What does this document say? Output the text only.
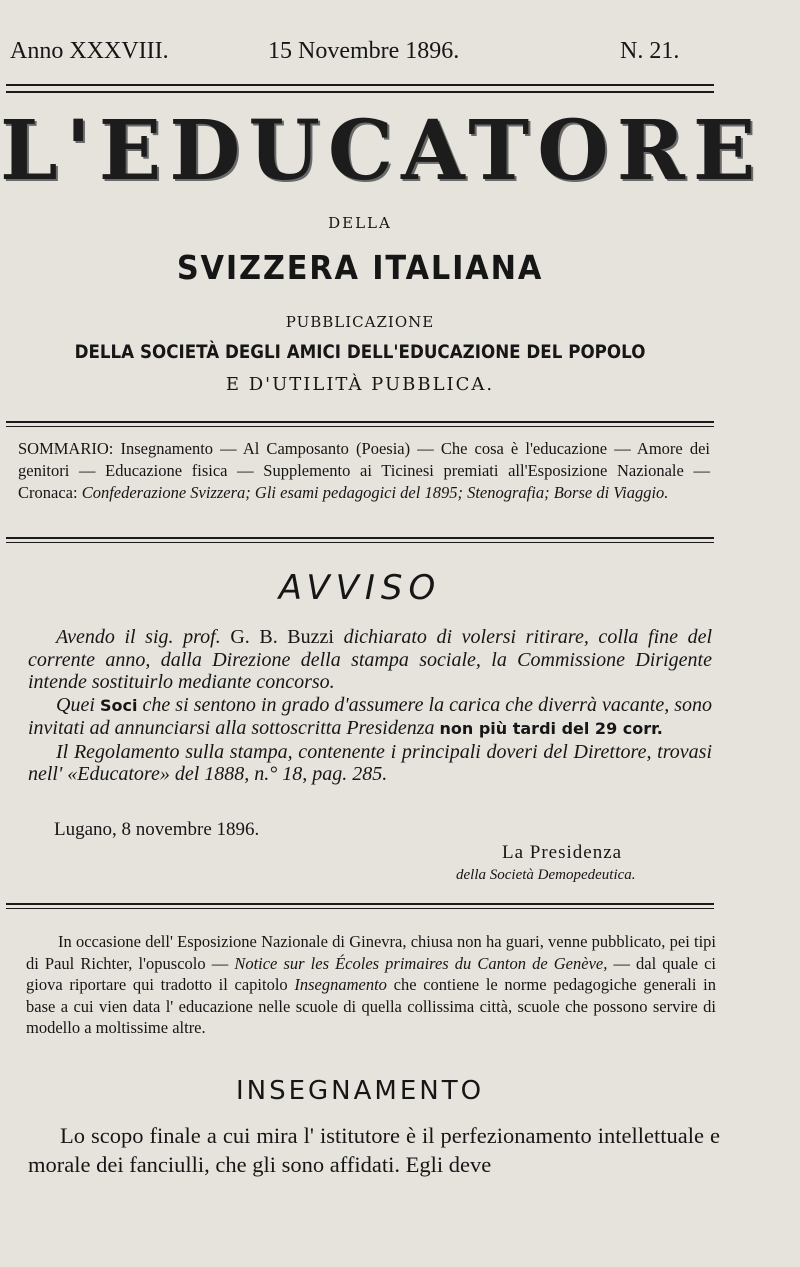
Anno XXXVIII.	15 Novembre 1896.	N. 21.
L'EDUCATORE
DELLA
SVIZZERA ITALIANA
PUBBLICAZIONE
DELLA SOCIETÀ DEGLI AMICI DELL'EDUCAZIONE DEL POPOLO
E D'UTILITÀ PUBBLICA.
SOMMARIO: Insegnamento — Al Camposanto (Poesia) — Che cosa è l'educazione — Amore dei genitori — Educazione fisica — Supplemento ai Ticinesi premiati all'Esposizione Nazionale — Cronaca: Confederazione Svizzera; Gli esami pedagogici del 1895; Stenografia; Borse di Viaggio.
AVVISO

Avendo il sig. prof. G. B. Buzzi dichiarato di volersi ritirare, colla fine del corrente anno, dalla Direzione della stampa sociale, la Commissione Dirigente intende sostituirlo mediante concorso.

Quei Soci che si sentono in grado d'assumere la carica che diverrà vacante, sono invitati ad annunciarsi alla sottoscritta Presidenza non più tardi del 29 corr.

Il Regolamento sulla stampa, contenente i principali doveri del Direttore, trovasi nell' «Educatore» del 1888, n.° 18, pag. 285.

Lugano, 8 novembre 1896.
La Presidenza
della Società Demopedeutica.

In occasione dell' Esposizione Nazionale di Ginevra, chiusa non ha guari, venne pubblicato, pei tipi di Paul Richter, l'opuscolo — Notice sur les Écoles primaires du Canton de Genève, — dal quale ci giova riportare qui tradotto il capitolo Insegnamento che contiene le norme pedagogiche generali in base a cui vien data l' educazione nelle scuole di quella collissima città, scuole che possono servire di modello a moltissime altre.

INSEGNAMENTO

Lo scopo finale a cui mira l' istitutore è il perfezionamento intellettuale e morale dei fanciulli, che gli sono affidati. Egli deve
